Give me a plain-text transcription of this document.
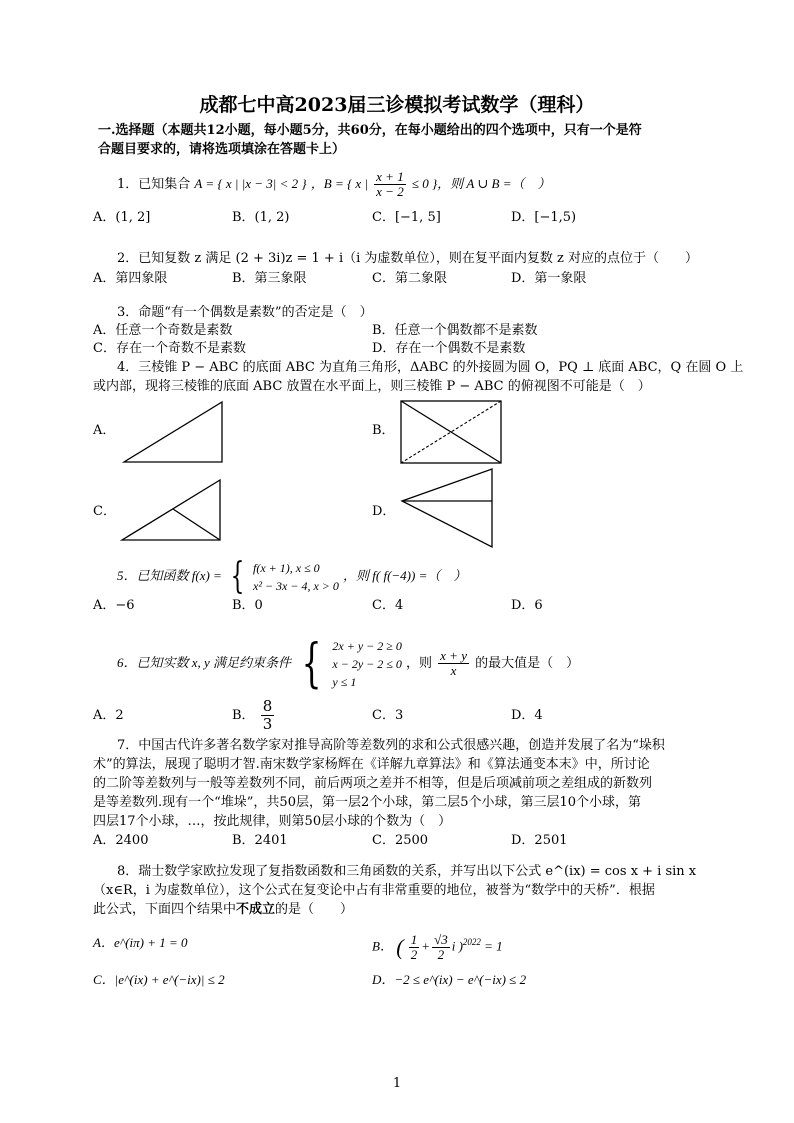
成都七中高2023届三诊模拟考试数学（理科）
一.选择题（本题共12小题，每小题5分，共60分，在每小题给出的四个选项中，只有一个是符
合题目要求的，请将选项填涂在答题卡上）
1．已知集合 A = { x | |x − 3| < 2 } ，B = { x | $\frac{x + 1}{x - 2} \le 0$ }，则 A ∪ B =（　）
A．(1, 2]	B．(1, 2)	C．[−1, 5]	D．[−1,5)
2．已知复数 z 满足 (2 + 3i)z = 1 + i（i 为虚数单位），则在复平面内复数 z 对应的点位于（　　）
A．第四象限	B．第三象限	C．第二象限	D．第一象限
3．命题“有一个偶数是素数”的否定是（　）
A．任意一个奇数是素数	B．任意一个偶数都不是素数
C．存在一个奇数不是素数	D．存在一个偶数不是素数
4．三棱锥 P − ABC 的底面 ABC 为直角三角形，ΔABC 的外接圆为圆 O，PQ ⊥ 底面 ABC，Q 在圆 O 上
或内部，现将三棱锥的底面 ABC 放置在水平面上，则三棱锥 P − ABC 的俯视图不可能是（　）
A．	B．
C．	D．
5．已知函数 f(x) = { f(x + 1), x ≤ 0
x² − 3x − 4, x > 0
，则 f( f(−4)) =（　）
A．−6	B．0	C．4	D．6
6．已知实数 x, y 满足约束条件 { 2x + y − 2 ≥ 0
x − 2y − 2 ≤ 0
y ≤ 1
，则 $\frac{x + y}{x}$ 的最大值是（　）
A．2	B． $\frac{8}{3}$	C．3	D．4
7．中国古代许多著名数学家对推导高阶等差数列的求和公式很感兴趣，创造并发展了名为“垛积
术”的算法，展现了聪明才智.南宋数学家杨辉在《详解九章算法》和《算法通变本末》中，所讨论
的二阶等差数列与一般等差数列不同，前后两项之差并不相等，但是后项减前项之差组成的新数列
是等差数列.现有一个“堆垛”，共50层，第一层2个小球，第二层5个小球，第三层10个小球，第
四层17个小球，…，按此规律，则第50层小球的个数为（　）
A．2400	B．2401	C．2500	D．2501
8．瑞士数学家欧拉发现了复指数函数和三角函数的关系，并写出以下公式 e^(ix) = cos x + i sin x
（x∈R，i 为虚数单位），这个公式在复变论中占有非常重要的地位，被誉为“数学中的天桥”．根据
此公式，下面四个结果中不成立的是（　　）
A．e^(iπ) + 1 = 0	B． ( $\frac{1}{2} + \frac{√3}{2}$ i )$^{2022}$ = 1
C．|e^(ix) + e^(−ix)| ≤ 2	D．−2 ≤ e^(ix) − e^(−ix) ≤ 2
1
